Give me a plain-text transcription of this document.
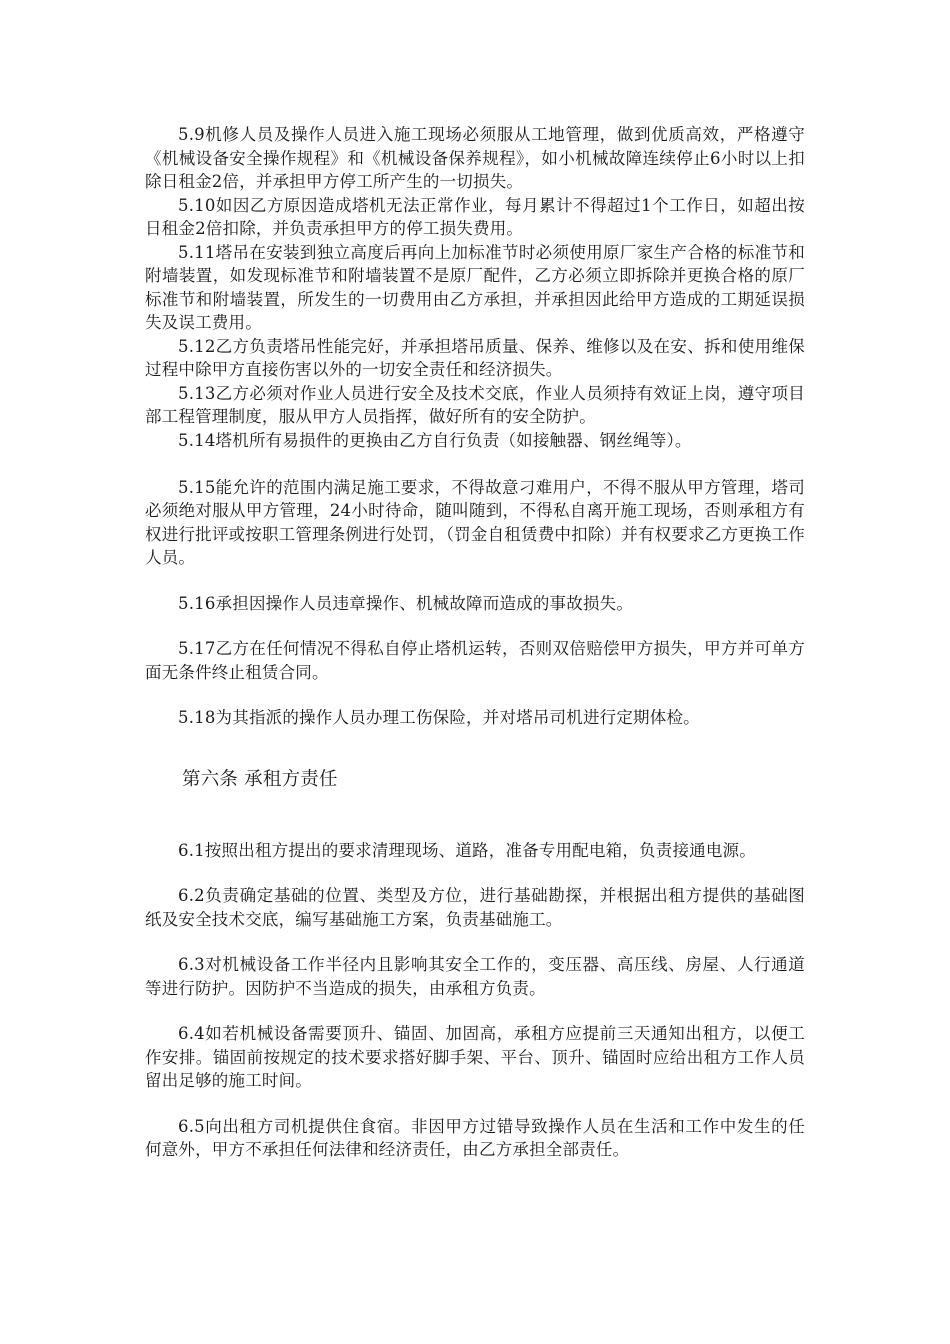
5.9机修人员及操作人员进入施工现场必须服从工地管理，做到优质高效，严格遵守《机械设备安全操作规程》和《机械设备保养规程》，如小机械故障连续停止6小时以上扣除日租金2倍，并承担甲方停工所产生的一切损失。

5.10如因乙方原因造成塔机无法正常作业，每月累计不得超过1个工作日，如超出按日租金2倍扣除，并负责承担甲方的停工损失费用。

5.11塔吊在安装到独立高度后再向上加标准节时必须使用原厂家生产合格的标准节和附墙装置，如发现标准节和附墙装置不是原厂配件，乙方必须立即拆除并更换合格的原厂标准节和附墙装置，所发生的一切费用由乙方承担，并承担因此给甲方造成的工期延误损失及误工费用。

5.12乙方负责塔吊性能完好，并承担塔吊质量、保养、维修以及在安、拆和使用维保过程中除甲方直接伤害以外的一切安全责任和经济损失。

5.13乙方必须对作业人员进行安全及技术交底，作业人员须持有效证上岗，遵守项目部工程管理制度，服从甲方人员指挥，做好所有的安全防护。

5.14塔机所有易损件的更换由乙方自行负责（如接触器、钢丝绳等）。

5.15能允许的范围内满足施工要求，不得故意刁难用户，不得不服从甲方管理，塔司必须绝对服从甲方管理，24小时待命，随叫随到，不得私自离开施工现场，否则承租方有权进行批评或按职工管理条例进行处罚，（罚金自租赁费中扣除）并有权要求乙方更换工作人员。

5.16承担因操作人员违章操作、机械故障而造成的事故损失。

5.17乙方在任何情况不得私自停止塔机运转，否则双倍赔偿甲方损失，甲方并可单方面无条件终止租赁合同。

5.18为其指派的操作人员办理工伤保险，并对塔吊司机进行定期体检。

第六条 承租方责任

6.1按照出租方提出的要求清理现场、道路，准备专用配电箱，负责接通电源。

6.2负责确定基础的位置、类型及方位，进行基础勘探，并根据出租方提供的基础图纸及安全技术交底，编写基础施工方案，负责基础施工。

6.3对机械设备工作半径内且影响其安全工作的，变压器、高压线、房屋、人行通道等进行防护。因防护不当造成的损失，由承租方负责。

6.4如若机械设备需要顶升、锚固、加固高，承租方应提前三天通知出租方，以便工作安排。锚固前按规定的技术要求搭好脚手架、平台、顶升、锚固时应给出租方工作人员留出足够的施工时间。

6.5向出租方司机提供住食宿。非因甲方过错导致操作人员在生活和工作中发生的任何意外，甲方不承担任何法律和经济责任，由乙方承担全部责任。
